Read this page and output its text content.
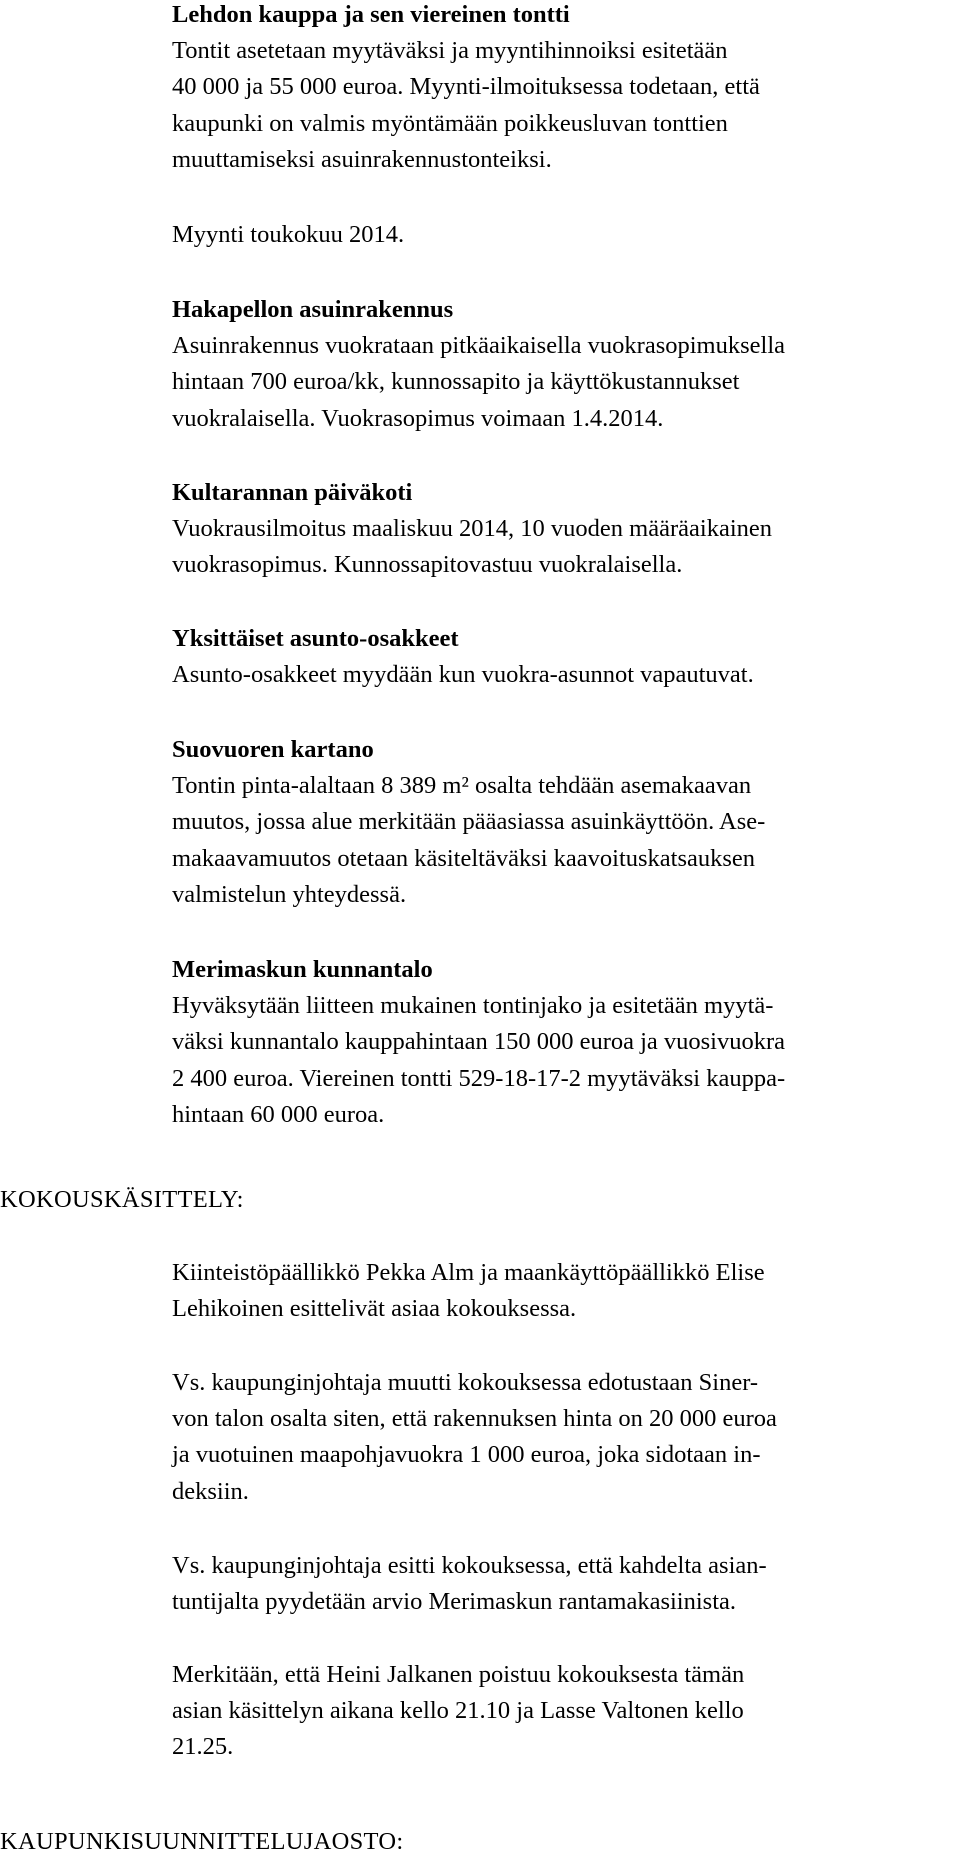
Lehdon kauppa ja sen viereinen tontti
Tontit asetetaan myytäväksi ja myyntihinnoiksi esitetään
40 000 ja 55 000 euroa. Myynti-ilmoituksessa todetaan, että
kaupunki on valmis myöntämään poikkeusluvan tonttien
muuttamiseksi asuinrakennustonteiksi.
Myynti toukokuu 2014.
Hakapellon asuinrakennus
Asuinrakennus vuokrataan pitkäaikaisella vuokrasopimuksella
hintaan 700 euroa/kk, kunnossapito ja käyttökustannukset
vuokralaisella. Vuokrasopimus voimaan 1.4.2014.
Kultarannan päiväkoti
Vuokrausilmoitus maaliskuu 2014, 10 vuoden määräaikainen
vuokrasopimus. Kunnossapitovastuu vuokralaisella.
Yksittäiset asunto-osakkeet
Asunto-osakkeet myydään kun vuokra-asunnot vapautuvat.
Suovuoren kartano
Tontin pinta-alaltaan 8 389 m² osalta tehdään asemakaavan
muutos, jossa alue merkitään pääasiassa asuinkäyttöön. Ase-
makaavamuutos otetaan käsiteltäväksi kaavoituskatsauksen
valmistelun yhteydessä.
Merimaskun kunnantalo
Hyväksytään liitteen mukainen tontinjako ja esitetään myytä-
väksi kunnantalo kauppahintaan 150 000 euroa ja vuosivuokra
2 400 euroa. Viereinen tontti 529-18-17-2 myytäväksi kauppa-
hintaan 60 000 euroa.
KOKOUSKÄSITTELY:
Kiinteistöpäällikkö Pekka Alm ja maankäyttöpäällikkö Elise
Lehikoinen esittelivät asiaa kokouksessa.
Vs. kaupunginjohtaja muutti kokouksessa edotustaan Siner-
von talon osalta siten, että rakennuksen hinta on 20 000 euroa
ja vuotuinen maapohjavuokra 1 000 euroa, joka sidotaan in-
deksiin.
Vs. kaupunginjohtaja esitti kokouksessa, että kahdelta asian-
tuntijalta pyydetään arvio Merimaskun rantamakasiinista.
Merkitään, että Heini Jalkanen poistuu kokouksesta tämän
asian käsittelyn aikana kello 21.10 ja Lasse Valtonen kello
21.25.
KAUPUNKISUUNNITTELUJAOSTO:
